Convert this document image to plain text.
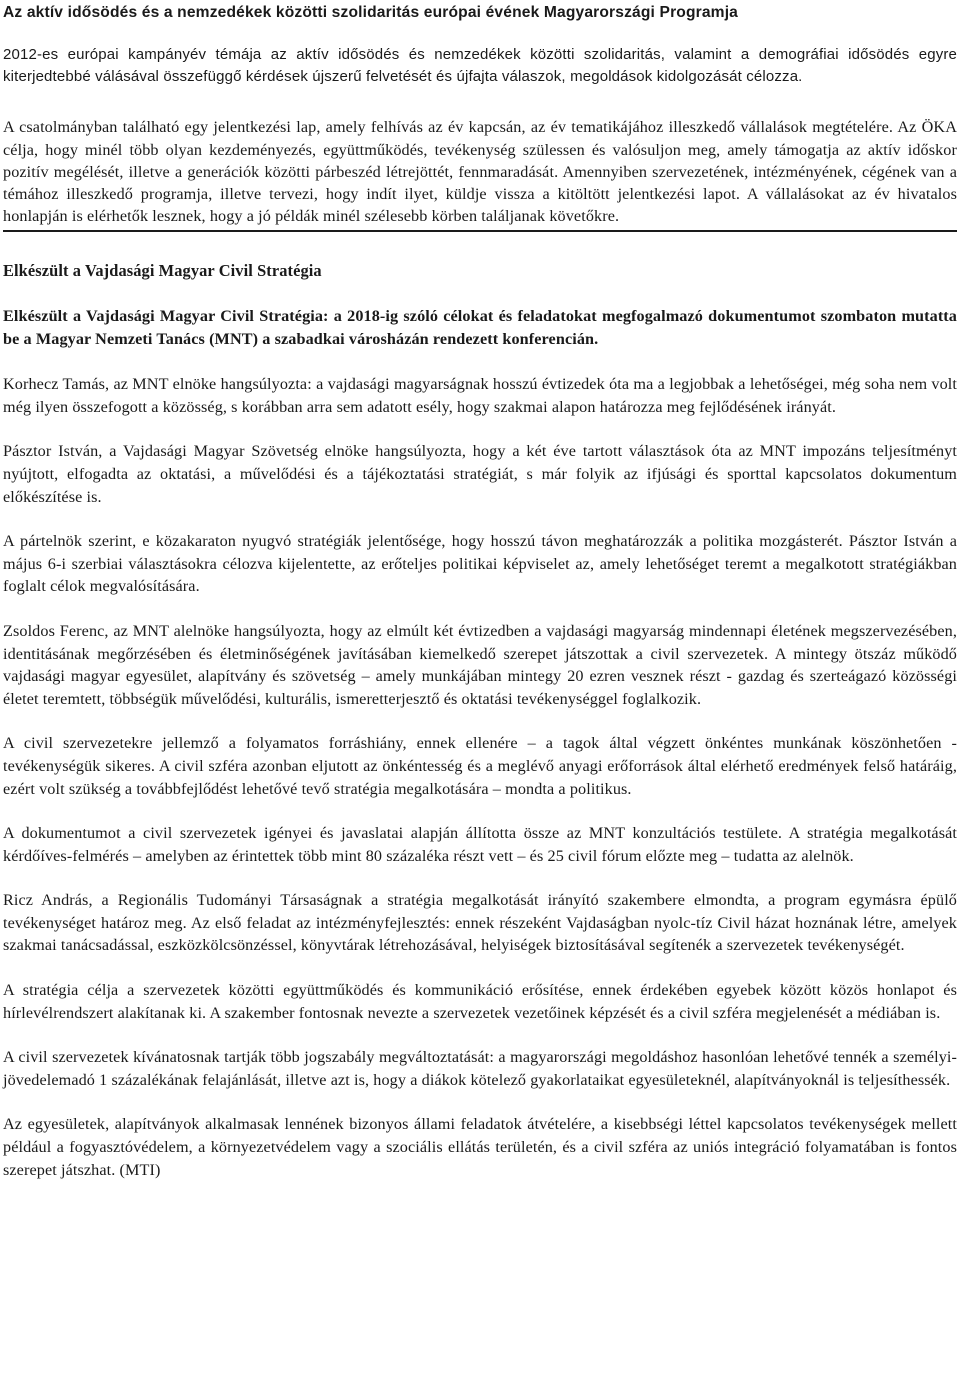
Az aktív idősödés és a nemzedékek közötti szolidaritás európai évének Magyarországi Programja

2012-es európai kampányév témája az aktív idősödés és nemzedékek közötti szolidaritás, valamint a demográfiai idősödés egyre kiterjedtebbé válásával összefüggő kérdések újszerű felvetését és újfajta válaszok, megoldások kidolgozását célozza.

A csatolmányban található egy jelentkezési lap, amely felhívás az év kapcsán, az év tematikájához illeszkedő vállalások megtételére. Az ÖKA célja, hogy minél több olyan kezdeményezés, együttműködés, tevékenység szülessen és valósuljon meg, amely támogatja az aktív időskor pozitív megélését, illetve a generációk közötti párbeszéd létrejöttét, fennmaradását. Amennyiben szervezetének, intézményének, cégének van a témához illeszkedő programja, illetve tervezi, hogy indít ilyet, küldje vissza a kitöltött jelentkezési lapot. A vállalásokat az év hivatalos honlapján is elérhetők lesznek, hogy a jó példák minél szélesebb körben találjanak követőkre.

Elkészült a Vajdasági Magyar Civil Stratégia

Elkészült a Vajdasági Magyar Civil Stratégia: a 2018-ig szóló célokat és feladatokat megfogalmazó dokumentumot szombaton mutatta be a Magyar Nemzeti Tanács (MNT) a szabadkai városházán rendezett konferencián.

Korhecz Tamás, az MNT elnöke hangsúlyozta: a vajdasági magyarságnak hosszú évtizedek óta ma a legjobbak a lehetőségei, még soha nem volt még ilyen összefogott a közösség, s korábban arra sem adatott esély, hogy szakmai alapon határozza meg fejlődésének irányát.

Pásztor István, a Vajdasági Magyar Szövetség elnöke hangsúlyozta, hogy a két éve tartott választások óta az MNT impozáns teljesítményt nyújtott, elfogadta az oktatási, a művelődési és a tájékoztatási stratégiát, s már folyik az ifjúsági és sporttal kapcsolatos dokumentum előkészítése is.

A pártelnök szerint, e közakaraton nyugvó stratégiák jelentősége, hogy hosszú távon meghatározzák a politika mozgásterét. Pásztor István a május 6-i szerbiai választásokra célozva kijelentette, az erőteljes politikai képviselet az, amely lehetőséget teremt a megalkotott stratégiákban foglalt célok megvalósítására.

Zsoldos Ferenc, az MNT alelnöke hangsúlyozta, hogy az elmúlt két évtizedben a vajdasági magyarság mindennapi életének megszervezésében, identitásának megőrzésében és életminőségének javításában kiemelkedő szerepet játszottak a civil szervezetek. A mintegy ötszáz működő vajdasági magyar egyesület, alapítvány és szövetség – amely munkájában mintegy 20 ezren vesznek részt - gazdag és szerteágazó közösségi életet teremtett, többségük művelődési, kulturális, ismeretterjesztő és oktatási tevékenységgel foglalkozik.

A civil szervezetekre jellemző a folyamatos forráshiány, ennek ellenére – a tagok által végzett önkéntes munkának köszönhetően - tevékenységük sikeres. A civil szféra azonban eljutott az önkéntesség és a meglévő anyagi erőforrások által elérhető eredmények felső határáig, ezért volt szükség a továbbfejlődést lehetővé tevő stratégia megalkotására – mondta a politikus.

A dokumentumot a civil szervezetek igényei és javaslatai alapján állította össze az MNT konzultációs testülete. A stratégia megalkotását kérdőíves-felmérés – amelyben az érintettek több mint 80 százaléka részt vett – és 25 civil fórum előzte meg – tudatta az alelnök.

Ricz András, a Regionális Tudományi Társaságnak a stratégia megalkotását irányító szakembere elmondta, a program egymásra épülő tevékenységet határoz meg. Az első feladat az intézményfejlesztés: ennek részeként Vajdaságban nyolc-tíz Civil házat hoznának létre, amelyek szakmai tanácsadással, eszközkölcsönzéssel, könyvtárak létrehozásával, helyiségek biztosításával segítenék a szervezetek tevékenységét.

A stratégia célja a szervezetek közötti együttműködés és kommunikáció erősítése, ennek érdekében egyebek között közös honlapot és hírlevélrendszert alakítanak ki. A szakember fontosnak nevezte a szervezetek vezetőinek képzését és a civil szféra megjelenését a médiában is.

A civil szervezetek kívánatosnak tartják több jogszabály megváltoztatását: a magyarországi megoldáshoz hasonlóan lehetővé tennék a személyi-jövedelemadó 1 százalékának felajánlását, illetve azt is, hogy a diákok kötelező gyakorlataikat egyesületeknél, alapítványoknál is teljesíthessék.

Az egyesületek, alapítványok alkalmasak lennének bizonyos állami feladatok átvételére, a kisebbségi léttel kapcsolatos tevékenységek mellett például a fogyasztóvédelem, a környezetvédelem vagy a szociális ellátás területén, és a civil szféra az uniós integráció folyamatában is fontos szerepet játszhat. (MTI)
